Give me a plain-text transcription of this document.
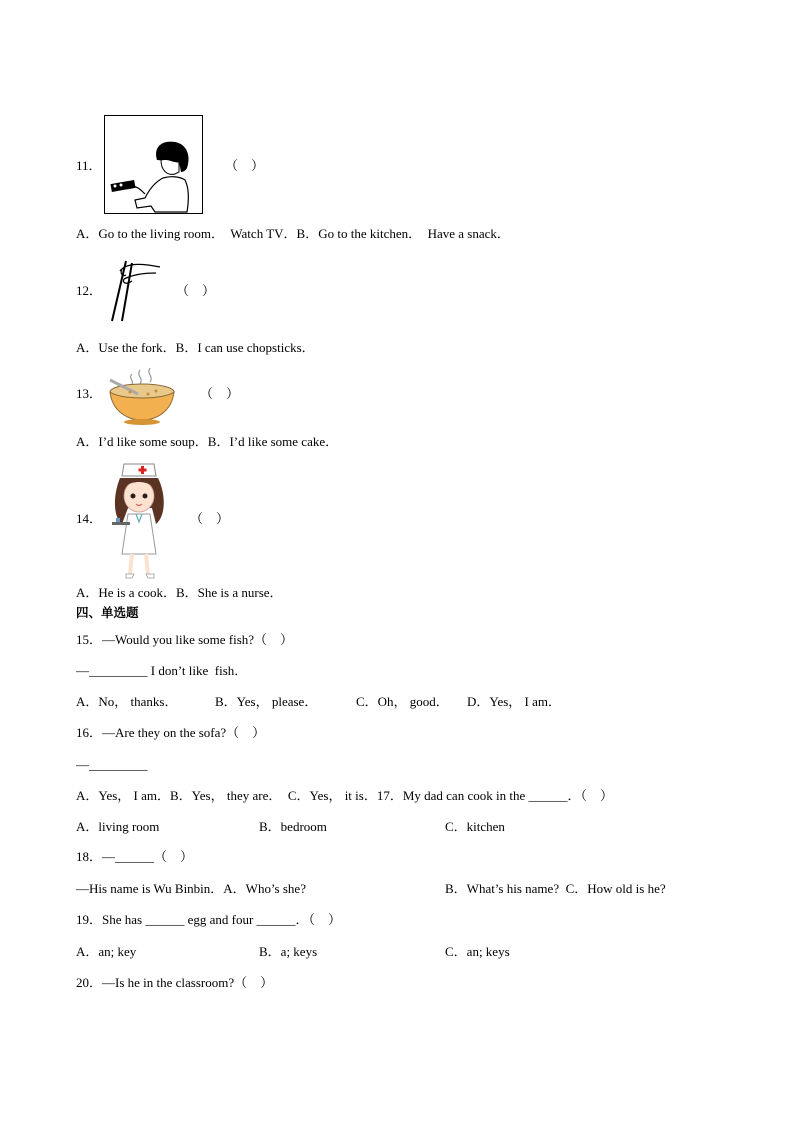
11．	（　）
A．Go to the living room．  Watch TV．B．Go to the kitchen．  Have a snack．
12．	（　）
A．Use the fork．B．I can use chopsticks．
13．	（　）
A．I’d like some soup．B．I’d like some cake．
14．	（　）
A．He is a cook．B．She is a nurse．
四、单选题
15．—Would you like some fish?（　）
—_________ I don’t like  fish．
A．No， thanks．	B．Yes， please．	C．Oh， good． D．Yes， I am．
16．—Are they on the sofa?（　）
—_________
A．Yes， I am．B．Yes， they are．  C．Yes， it is．17．My dad can cook in the ______．（　）
A．living room	B．bedroom	C．kitchen
18．—______（　）
—His name is Wu Binbin．A．Who’s she?	B．What’s his name?  C．How old is he?
19．She has ______ egg and four ______．（　）
A．an; key	B．a; keys	C．an; keys
20．—Is he in the classroom?（　）
